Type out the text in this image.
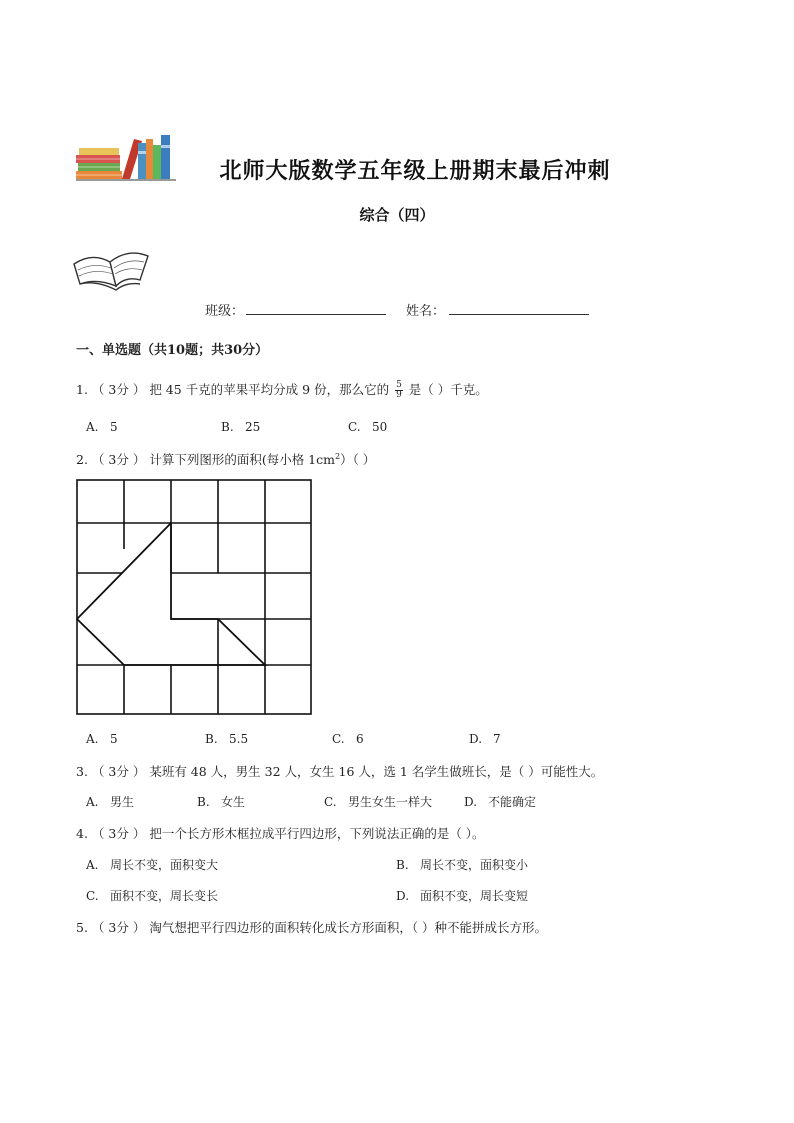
北师大版数学五年级上册期末最后冲刺
综合（四）
班级：	姓名：
一、单选题（共10题；共30分）
1. （ 3分 ） 把 45 千克的苹果平均分成 9 份，那么它的 $\frac{5}{9}$ 是（ ）千克。
A. 5	B. 25	C. 50
2. （ 3分 ） 计算下列图形的面积(每小格 $1cm^2$）（ ）
A. 5	B. 5.5	C. 6	D. 7
3. （ 3分 ） 某班有 48 人，男生 32 人，女生 16 人，选 1 名学生做班长，是（ ）可能性大。
A. 男生	B. 女生	C. 男生女生一样大	D. 不能确定
4. （ 3分 ） 把一个长方形木框拉成平行四边形，下列说法正确的是（ ）。
A. 周长不变，面积变大	B. 周长不变，面积变小
C. 面积不变，周长变长	D. 面积不变，周长变短
5. （ 3分 ） 淘气想把平行四边形的面积转化成长方形面积，（ ）种不能拼成长方形。
